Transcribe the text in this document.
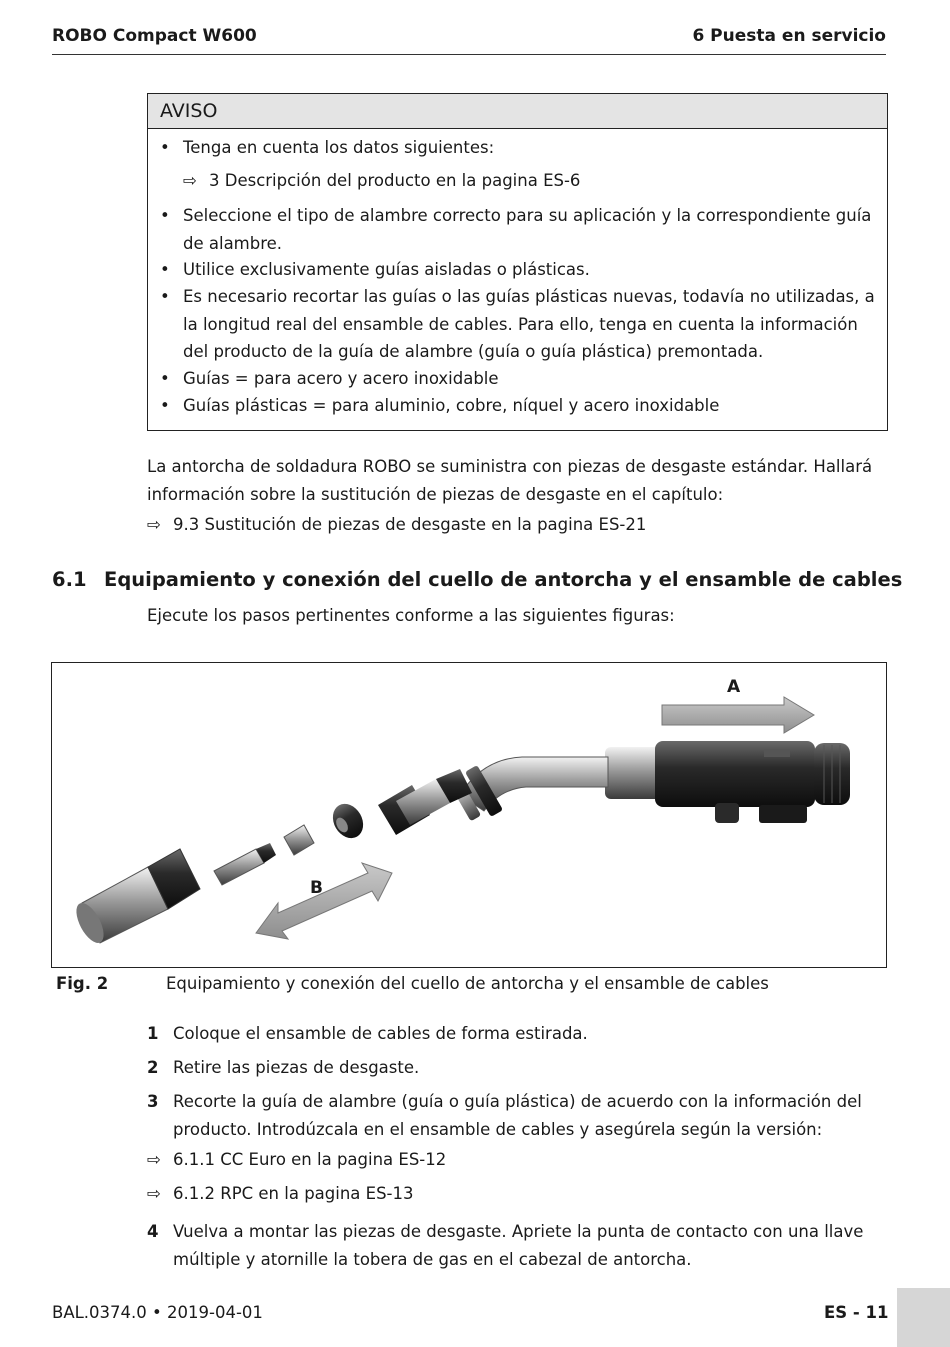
ROBO Compact W600	6 Puesta en servicio
AVISO
• Tenga en cuenta los datos siguientes:
⇨ 3 Descripción del producto en la pagina ES-6
• Seleccione el tipo de alambre correcto para su aplicación y la correspondiente guía de alambre.
• Utilice exclusivamente guías aisladas o plásticas.
• Es necesario recortar las guías o las guías plásticas nuevas, todavía no utilizadas, a la longitud real del ensamble de cables. Para ello, tenga en cuenta la información del producto de la guía de alambre (guía o guía plástica) premontada.
• Guías = para acero y acero inoxidable
• Guías plásticas = para aluminio, cobre, níquel y acero inoxidable
La antorcha de soldadura ROBO se suministra con piezas de desgaste estándar. Hallará información sobre la sustitución de piezas de desgaste en el capítulo:
⇨ 9.3 Sustitución de piezas de desgaste en la pagina ES-21
6.1 Equipamiento y conexión del cuello de antorcha y el ensamble de cables
Ejecute los pasos pertinentes conforme a las siguientes figuras:
A
B
Fig. 2	Equipamiento y conexión del cuello de antorcha y el ensamble de cables
1 Coloque el ensamble de cables de forma estirada.
2 Retire las piezas de desgaste.
3 Recorte la guía de alambre (guía o guía plástica) de acuerdo con la información del producto. Introdúzcala en el ensamble de cables y asegúrela según la versión:
⇨ 6.1.1 CC Euro en la pagina ES-12
⇨ 6.1.2 RPC en la pagina ES-13
4 Vuelva a montar las piezas de desgaste. Apriete la punta de contacto con una llave múltiple y atornille la tobera de gas en el cabezal de antorcha.
BAL.0374.0 • 2019-04-01	ES - 11
